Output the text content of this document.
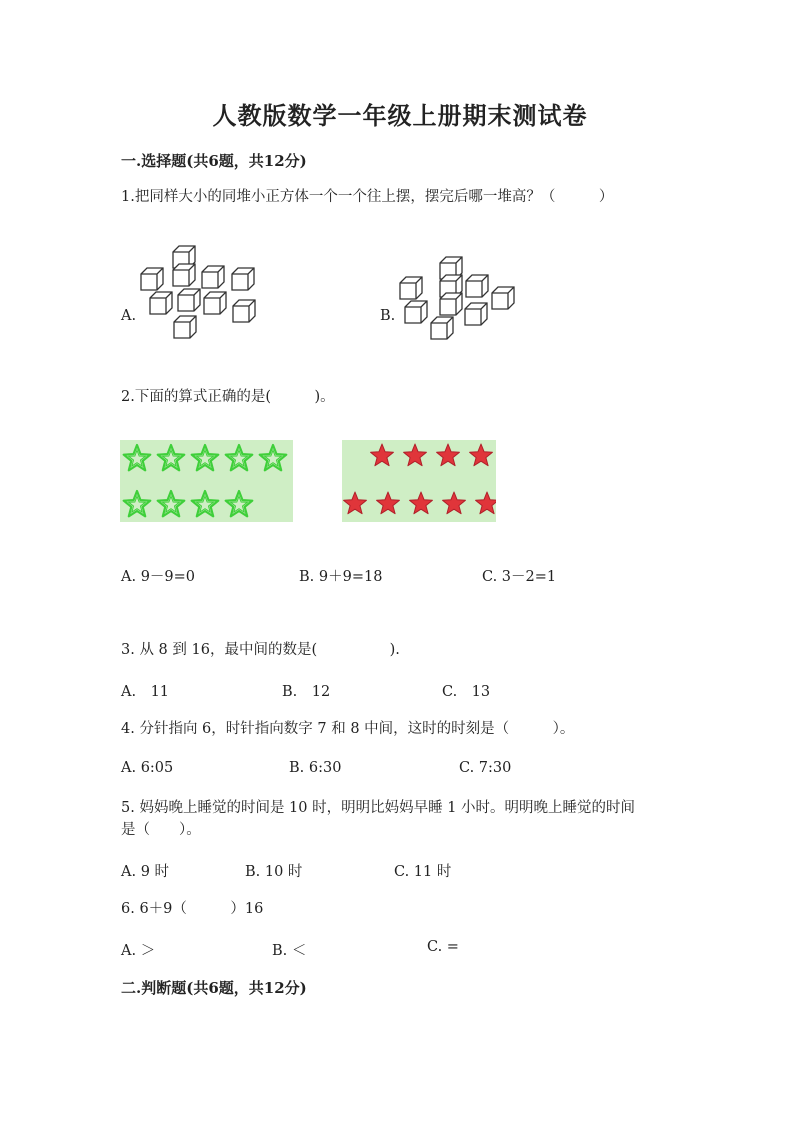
人教版数学一年级上册期末测试卷
一.选择题(共6题，共12分)
1.把同样大小的同堆小正方体一个一个往上摆，摆完后哪一堆高？（　　　）
A.	B.
2.下面的算式正确的是(　　　)。
A. 9－9=0	B. 9＋9=18	C. 3－2=1
3. 从 8 到 16，最中间的数是(　　　　　).
A.　11	B.　12	C.　13
4. 分针指向 6，时针指向数字 7 和 8 中间，这时的时刻是（　　　）。
A. 6:05	B. 6:30	C. 7:30
5. 妈妈晚上睡觉的时间是 10 时，明明比妈妈早睡 1 小时。明明晚上睡觉的时间
是（　　）。
A. 9 时	B. 10 时	C. 11 时
6. 6＋9（　　　）16
A. ＞	B. ＜	C. =
二.判断题(共6题，共12分)
